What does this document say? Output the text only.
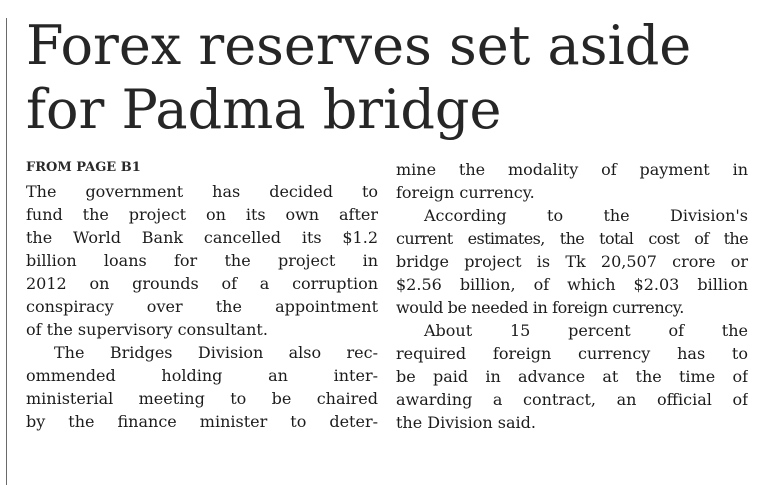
Forex reserves set aside
for Padma bridge
FROM PAGE B1

The government has decided to
fund the project on its own after
the World Bank cancelled its $1.2
billion loans for the project in
2012 on grounds of a corruption
conspiracy over the appointment
of the supervisory consultant.

The Bridges Division also rec-
ommended holding an inter-
ministerial meeting to be chaired
by the finance minister to deter-

mine the modality of payment in
foreign currency.

According to the Division's
current estimates, the total cost of the
bridge project is Tk 20,507 crore or
$2.56 billion, of which $2.03 billion
would be needed in foreign currency.

About 15 percent of the
required foreign currency has to
be paid in advance at the time of
awarding a contract, an official of
the Division said.
